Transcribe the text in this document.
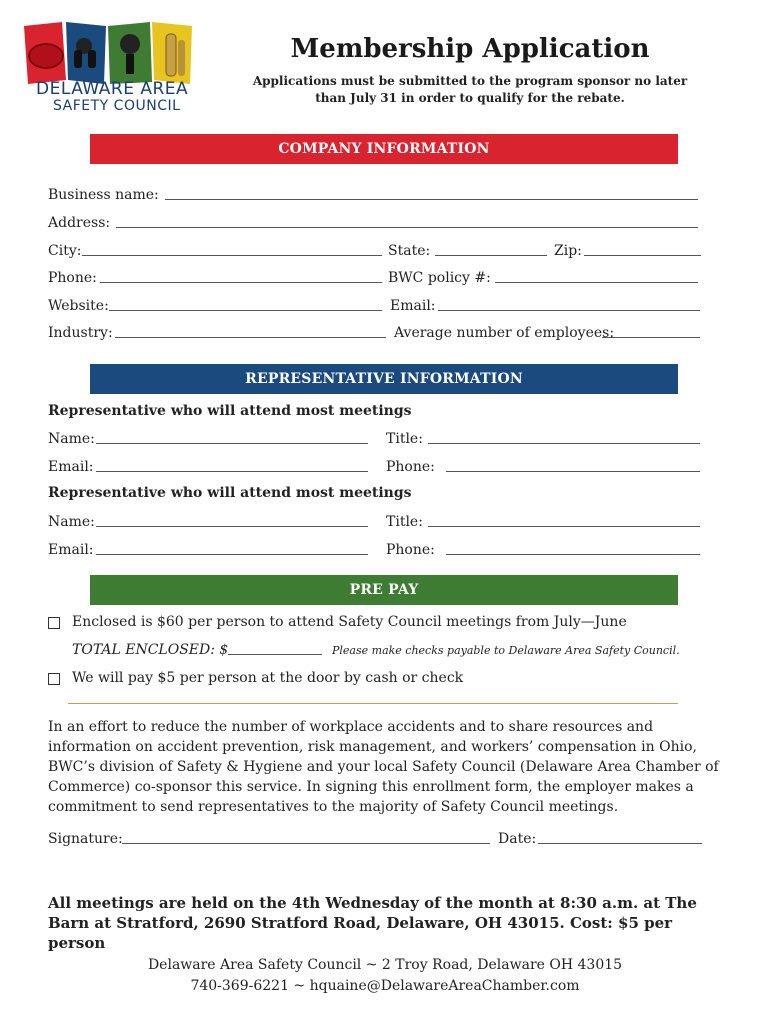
DELAWARE AREA
SAFETY COUNCIL
Membership Application
Applications must be submitted to the program sponsor no later than July 31 in order to qualify for the rebate.
COMPANY INFORMATION
Business name:
Address:
City:	State:	Zip:
Phone:	BWC policy #:
Website:	Email:
Industry:	Average number of employees:
REPRESENTATIVE INFORMATION
Representative who will attend most meetings
Name:	Title:
Email:	Phone:
Representative who will attend most meetings
Name:	Title:
Email:	Phone:
PRE PAY
Enclosed is $60 per person to attend Safety Council meetings from July—June
TOTAL ENCLOSED: $	Please make checks payable to Delaware Area Safety Council.
We will pay $5 per person at the door by cash or check
In an effort to reduce the number of workplace accidents and to share resources and information on accident prevention, risk management, and workers’ compensation in Ohio, BWC’s division of Safety & Hygiene and your local Safety Council (Delaware Area Chamber of Commerce) co-sponsor this service. In signing this enrollment form, the employer makes a commitment to send representatives to the majority of Safety Council meetings.
Signature:	Date:
All meetings are held on the 4th Wednesday of the month at 8:30 a.m. at The Barn at Stratford, 2690 Stratford Road, Delaware, OH 43015. Cost: $5 per person
Delaware Area Safety Council ~ 2 Troy Road, Delaware OH 43015
740-369-6221 ~ hquaine@DelawareAreaChamber.com
